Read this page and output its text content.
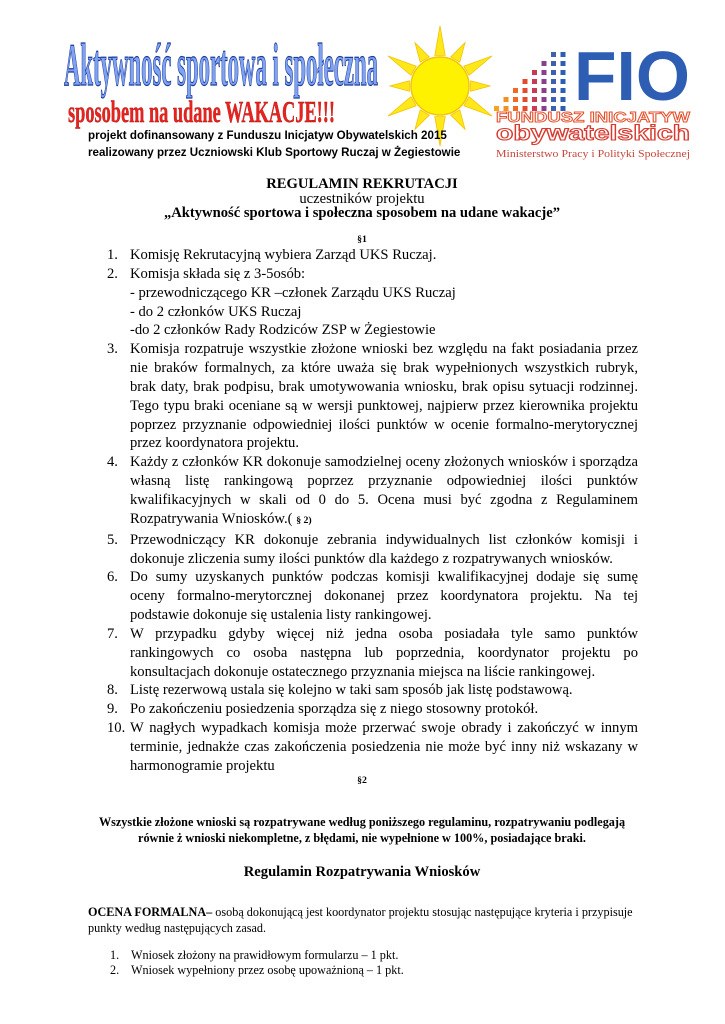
Aktywność sportowa i społeczna
sposobem na udane WAKACJE!!!	FIO
FUNDUSZ INICJATYW
obywatelskich
Ministerstwo Pracy i Polityki Społecznej
projekt dofinansowany z Funduszu Inicjatyw Obywatelskich 2015
realizowany przez Uczniowski Klub Sportowy Ruczaj w Żegiestowie
REGULAMIN REKRUTACJI
uczestników projektu
„Aktywność sportowa i społeczna sposobem na udane wakacje”
§1
1. Komisję Rekrutacyjną wybiera Zarząd UKS Ruczaj.
2. Komisja składa się z 3-5osób:
- przewodniczącego KR –członek Zarządu UKS Ruczaj
- do 2 członków UKS Ruczaj
-do 2 członków Rady Rodziców ZSP w Żegiestowie
3. Komisja rozpatruje wszystkie złożone wnioski bez względu na fakt posiadania przez nie braków formalnych, za które uważa się brak wypełnionych wszystkich rubryk, brak daty, brak podpisu, brak umotywowania wniosku, brak opisu sytuacji rodzinnej. Tego typu braki oceniane są w wersji punktowej, najpierw przez kierownika projektu poprzez przyznanie odpowiedniej ilości punktów w ocenie formalno-merytorycznej przez koordynatora projektu.
4. Każdy z członków KR dokonuje samodzielnej oceny złożonych wniosków i sporządza własną listę rankingową poprzez przyznanie odpowiedniej ilości punktów kwalifikacyjnych w skali od 0 do 5. Ocena musi być zgodna z Regulaminem Rozpatrywania Wniosków.( § 2)
5. Przewodniczący KR dokonuje zebrania indywidualnych list członków komisji i dokonuje zliczenia sumy ilości punktów dla każdego z rozpatrywanych wniosków.
6. Do sumy uzyskanych punktów podczas komisji kwalifikacyjnej dodaje się sumę oceny formalno-merytorcznej dokonanej przez koordynatora projektu. Na tej podstawie dokonuje się ustalenia listy rankingowej.
7. W przypadku gdyby więcej niż jedna osoba posiadała tyle samo punktów rankingowych co osoba następna lub poprzednia, koordynator projektu po konsultacjach dokonuje ostatecznego przyznania miejsca na liście rankingowej.
8. Listę rezerwową ustala się kolejno w taki sam sposób jak listę podstawową.
9. Po zakończeniu posiedzenia sporządza się z niego stosowny protokół.
10. W nagłych wypadkach komisja może przerwać swoje obrady i zakończyć w innym terminie, jednakże czas zakończenia posiedzenia nie może być inny niż wskazany w harmonogramie projektu
§2
Wszystkie złożone wnioski są rozpatrywane według poniższego regulaminu, rozpatrywaniu podlegają równie ż wnioski niekompletne, z błędami, nie wypełnione w 100%, posiadające braki.
Regulamin Rozpatrywania Wniosków
OCENA FORMALNA– osobą dokonującą jest koordynator projektu stosując następujące kryteria i przypisuje punkty według następujących zasad.
1. Wniosek złożony na prawidłowym formularzu – 1 pkt.
2. Wniosek wypełniony przez osobę upoważnioną – 1 pkt.
